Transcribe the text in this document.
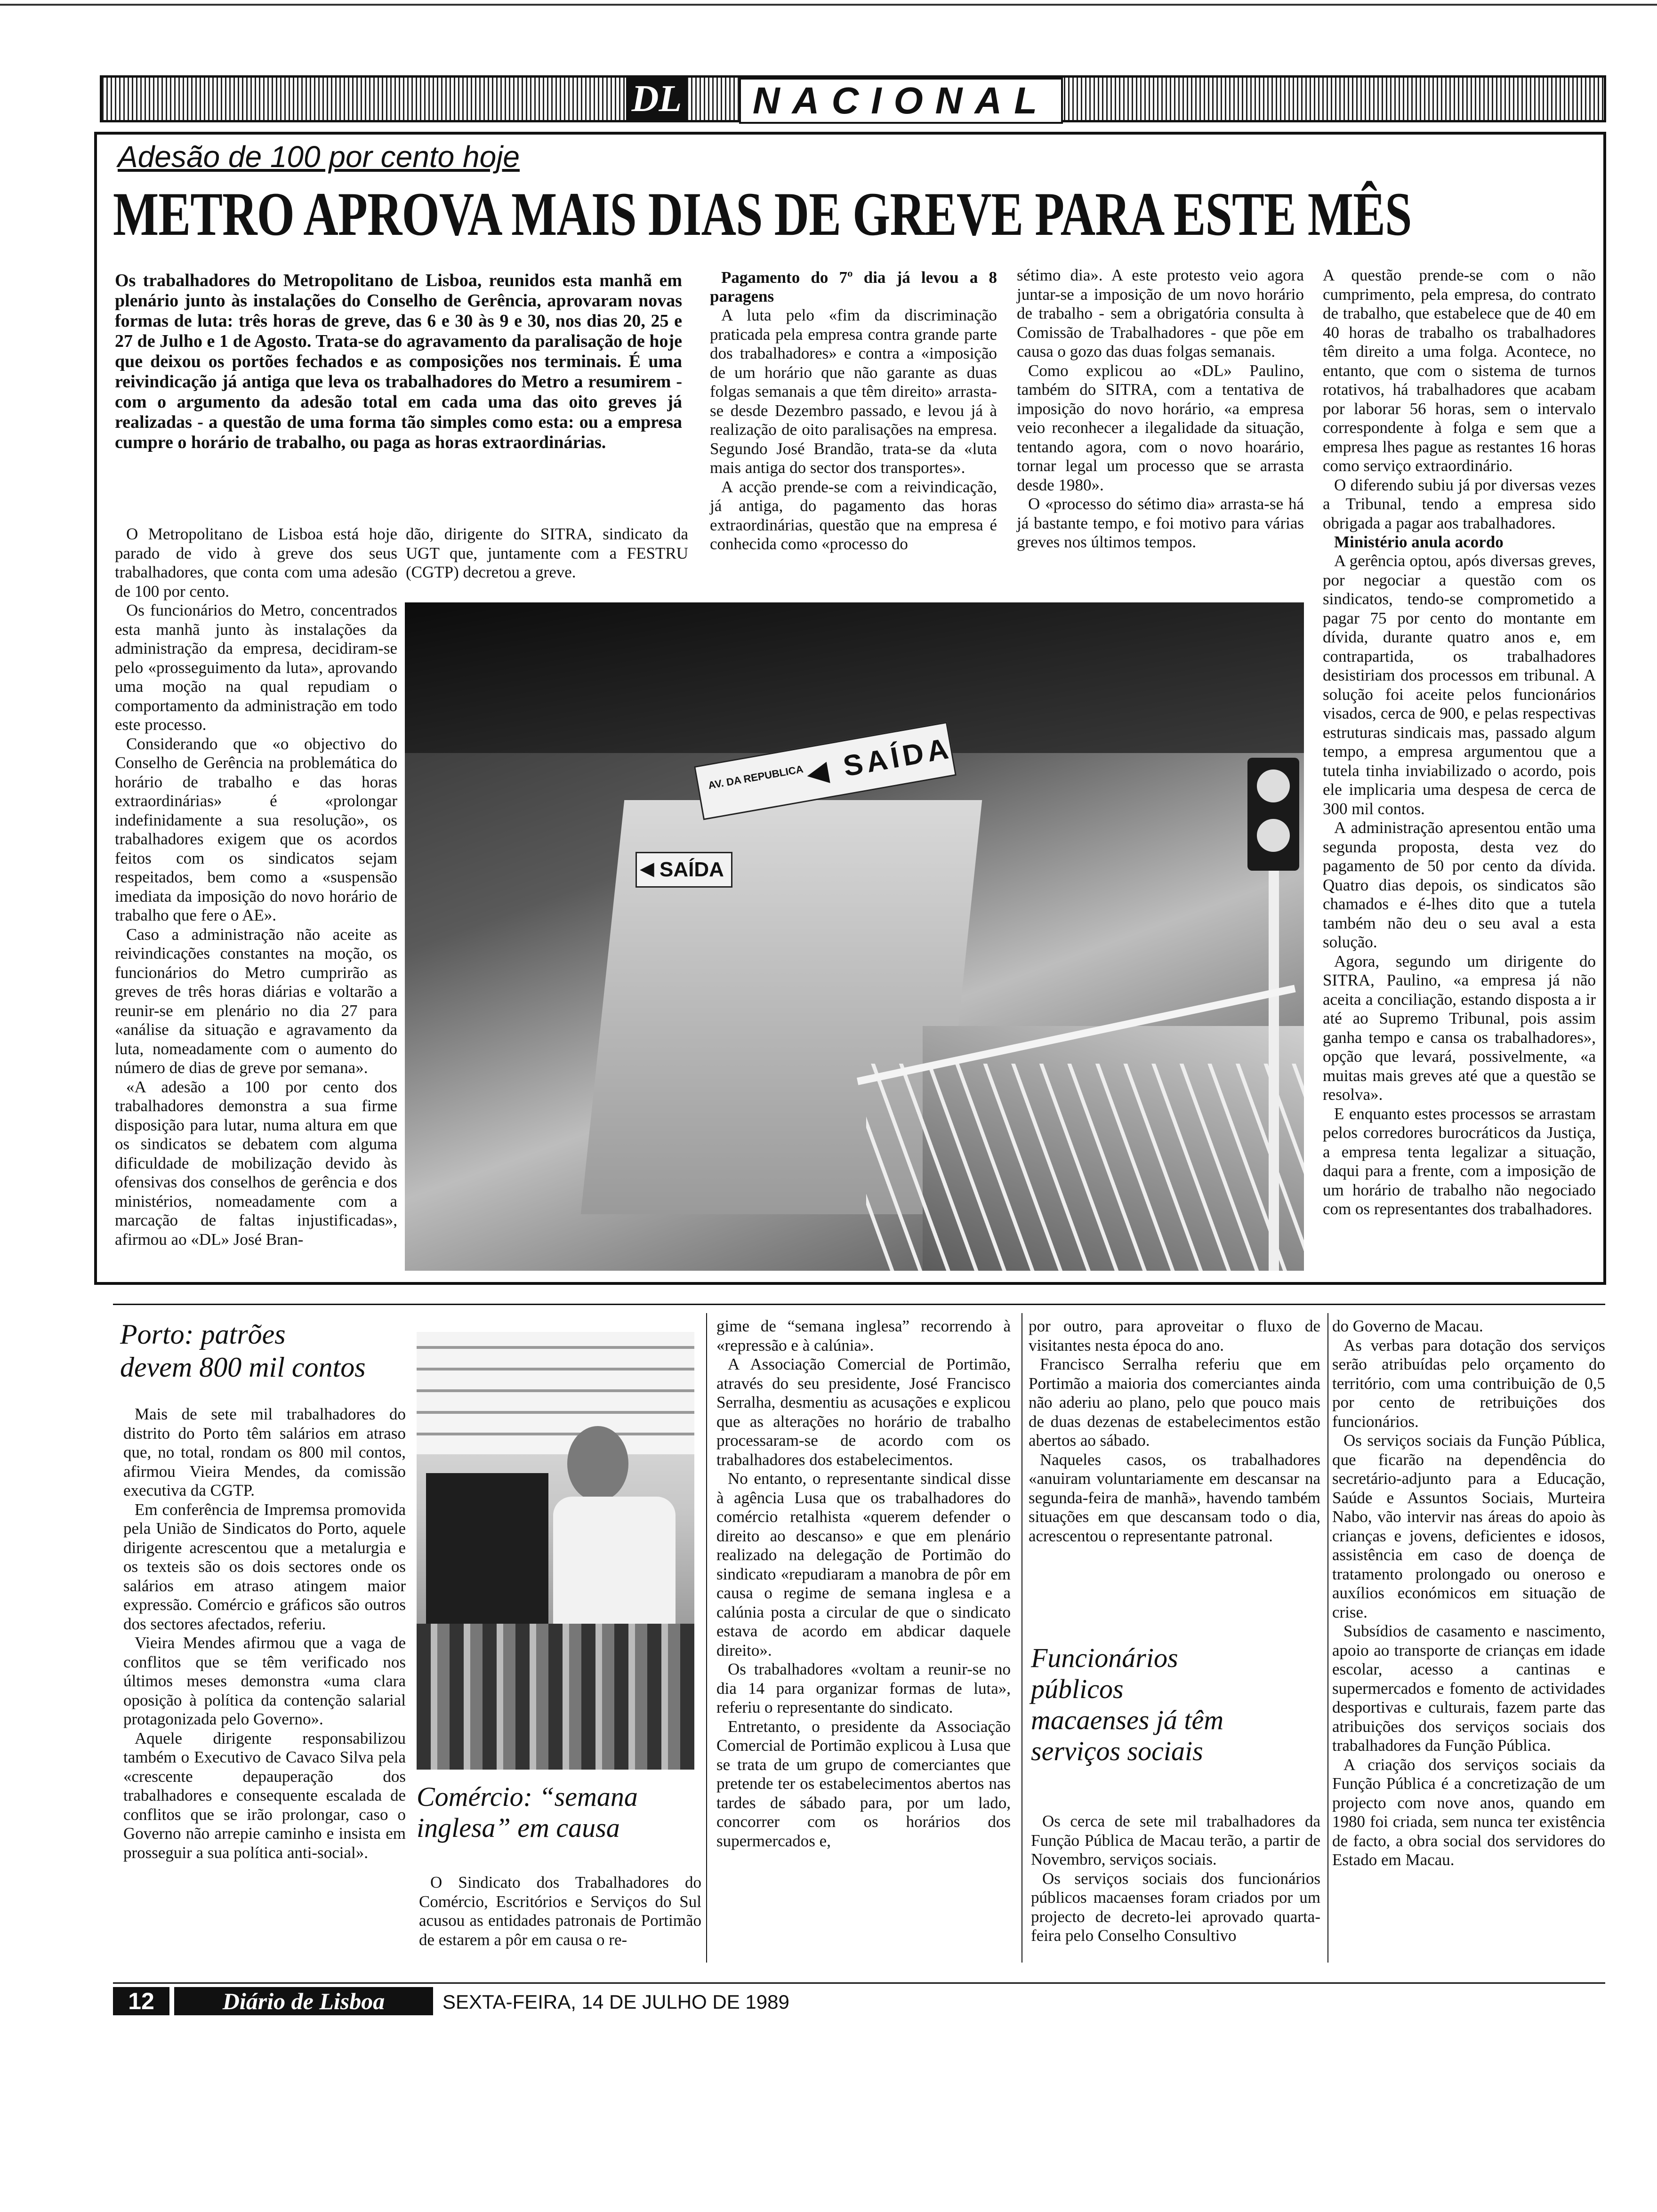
DL	NACIONAL
Adesão de 100 por cento hoje
METRO APROVA MAIS DIAS DE GREVE PARA ESTE MÊS

Os trabalhadores do Metropolitano de Lisboa, reunidos esta manhã em plenário junto às instalações do Conselho de Gerência, aprovaram novas formas de luta: três horas de greve, das 6 e 30 às 9 e 30, nos dias 20, 25 e 27 de Julho e 1 de Agosto. Trata-se do agravamento da paralisação de hoje que deixou os portões fechados e as composições nos terminais. É uma reivindicação já antiga que leva os trabalhadores do Metro a resumirem - com o argumento da adesão total em cada uma das oito greves já realizadas - a questão de uma forma tão simples como esta: ou a empresa cumpre o horário de trabalho, ou paga as horas extraordinárias.

O Metropolitano de Lisboa está hoje parado de vido à greve dos seus trabalhadores, que conta com uma adesão de 100 por cento.

Os funcionários do Metro, concentrados esta manhã junto às instalações da administração da empresa, decidiram-se pelo «prosseguimento da luta», aprovando uma moção na qual repudiam o comportamento da administração em todo este processo.

Considerando que «o objectivo do Conselho de Gerência na problemática do horário de trabalho e das horas extraordinárias» é «prolongar indefinidamente a sua resolução», os trabalhadores exigem que os acordos feitos com os sindicatos sejam respeitados, bem como a «suspensão imediata da imposição do novo horário de trabalho que fere o AE».

Caso a administração não aceite as reivindicações constantes na moção, os funcionários do Metro cumprirão as greves de três horas diárias e voltarão a reunir-se em plenário no dia 27 para «análise da situação e agravamento da luta, nomeadamente com o aumento do número de dias de greve por semana».

«A adesão a 100 por cento dos trabalhadores demonstra a sua firme disposição para lutar, numa altura em que os sindicatos se debatem com alguma dificuldade de mobilização devido às ofensivas dos conselhos de gerência e dos ministérios, nomeadamente com a marcação de faltas injustificadas», afirmou ao «DL» José Bran-

dão, dirigente do SITRA, sindicato da UGT que, juntamente com a FESTRU (CGTP) decretou a greve.

Pagamento do 7º dia já levou a 8 paragens

A luta pelo «fim da discriminação praticada pela empresa contra grande parte dos trabalhadores» e contra a «imposição de um horário que não garante as duas folgas semanais a que têm direito» arrasta-se desde Dezembro passado, e levou já à realização de oito paralisações na empresa. Segundo José Brandão, trata-se da «luta mais antiga do sector dos transportes».

A acção prende-se com a reivindicação, já antiga, do pagamento das horas extraordinárias, questão que na empresa é conhecida como «processo do

sétimo dia». A este protesto veio agora juntar-se a imposição de um novo horário de trabalho - sem a obrigatória consulta à Comissão de Trabalhadores - que põe em causa o gozo das duas folgas semanais.

Como explicou ao «DL» Paulino, também do SITRA, com a tentativa de imposição do novo horário, «a empresa veio reconhecer a ilegalidade da situação, tentando agora, com o novo hoarário, tornar legal um processo que se arrasta desde 1980».

O «processo do sétimo dia» arrasta-se há já bastante tempo, e foi motivo para várias greves nos últimos tempos.

A questão prende-se com o não cumprimento, pela empresa, do contrato de trabalho, que estabelece que de 40 em 40 horas de trabalho os trabalhadores têm direito a uma folga. Acontece, no entanto, que com o sistema de turnos rotativos, há trabalhadores que acabam por laborar 56 horas, sem o intervalo correspondente à folga e sem que a empresa lhes pague as restantes 16 horas como serviço extraordinário.

O diferendo subiu já por diversas vezes a Tribunal, tendo a empresa sido obrigada a pagar aos trabalhadores.

Ministério anula acordo

A gerência optou, após diversas greves, por negociar a questão com os sindicatos, tendo-se comprometido a pagar 75 por cento do montante em dívida, durante quatro anos e, em contrapartida, os trabalhadores desistiriam dos processos em tribunal. A solução foi aceite pelos funcionários visados, cerca de 900, e pelas respectivas estruturas sindicais mas, passado algum tempo, a empresa argumentou que a tutela tinha inviabilizado o acordo, pois ele implicaria uma despesa de cerca de 300 mil contos.

A administração apresentou então uma segunda proposta, desta vez do pagamento de 50 por cento da dívida. Quatro dias depois, os sindicatos são chamados e é-lhes dito que a tutela também não deu o seu aval a esta solução.

Agora, segundo um dirigente do SITRA, Paulino, «a empresa já não aceita a conciliação, estando disposta a ir até ao Supremo Tribunal, pois assim ganha tempo e cansa os trabalhadores», opção que levará, possivelmente, «a muitas mais greves até que a questão se resolva».

E enquanto estes processos se arrastam pelos corredores burocráticos da Justiça, a empresa tenta legalizar a situação, daqui para a frente, com a imposição de um horário de trabalho não negociado com os representantes dos trabalhadores.

AV. DA REPUBLICA ◀ SAÍDA
◀ SAÍDA
Porto: patrões
devem 800 mil contos

Mais de sete mil trabalhadores do distrito do Porto têm salários em atraso que, no total, rondam os 800 mil contos, afirmou Vieira Mendes, da comissão executiva da CGTP.

Em conferência de Impremsa promovida pela União de Sindicatos do Porto, aquele dirigente acrescentou que a metalurgia e os texteis são os dois sectores onde os salários em atraso atingem maior expressão. Comércio e gráficos são outros dos sectores afectados, referiu.

Vieira Mendes afirmou que a vaga de conflitos que se têm verificado nos últimos meses demonstra «uma clara oposição à política da contenção salarial protagonizada pelo Governo».

Aquele dirigente responsabilizou também o Executivo de Cavaco Silva pela «crescente depauperação dos trabalhadores e consequente escalada de conflitos que se irão prolongar, caso o Governo não arrepie caminho e insista em prosseguir a sua política anti-social».

Comércio: “semana
inglesa” em causa

O Sindicato dos Trabalhadores do Comércio, Escritórios e Serviços do Sul acusou as entidades patronais de Portimão de estarem a pôr em causa o re-

gime de “semana inglesa” recorrendo à «repressão e à calúnia».

A Associação Comercial de Portimão, através do seu presidente, José Francisco Serralha, desmentiu as acusações e explicou que as alterações no horário de trabalho processaram-se de acordo com os trabalhadores dos estabelecimentos.

No entanto, o representante sindical disse à agência Lusa que os trabalhadores do comércio retalhista «querem defender o direito ao descanso» e que em plenário realizado na delegação de Portimão do sindicato «repudiaram a manobra de pôr em causa o regime de semana inglesa e a calúnia posta a circular de que o sindicato estava de acordo em abdicar daquele direito».

Os trabalhadores «voltam a reunir-se no dia 14 para organizar formas de luta», referiu o representante do sindicato.

Entretanto, o presidente da Associação Comercial de Portimão explicou à Lusa que se trata de um grupo de comerciantes que pretende ter os estabelecimentos abertos nas tardes de sábado para, por um lado, concorrer com os horários dos supermercados e,

por outro, para aproveitar o fluxo de visitantes nesta época do ano.

Francisco Serralha referiu que em Portimão a maioria dos comerciantes ainda não aderiu ao plano, pelo que pouco mais de duas dezenas de estabelecimentos estão abertos ao sábado.

Naqueles casos, os trabalhadores «anuiram voluntariamente em descansar na segunda-feira de manhã», havendo também situações em que descansam todo o dia, acrescentou o representante patronal.

Funcionários
públicos
macaenses já têm
serviços sociais

Os cerca de sete mil trabalhadores da Função Pública de Macau terão, a partir de Novembro, serviços sociais.

Os serviços sociais dos funcionários públicos macaenses foram criados por um projecto de decreto-lei aprovado quarta-feira pelo Conselho Consultivo

do Governo de Macau.

As verbas para dotação dos serviços serão atribuídas pelo orçamento do território, com uma contribuição de 0,5 por cento de retribuições dos funcionários.

Os serviços sociais da Função Pública, que ficarão na dependência do secretário-adjunto para a Educação, Saúde e Assuntos Sociais, Murteira Nabo, vão intervir nas áreas do apoio às crianças e jovens, deficientes e idosos, assistência em caso de doença de tratamento prolongado ou oneroso e auxílios económicos em situação de crise.

Subsídios de casamento e nascimento, apoio ao transporte de crianças em idade escolar, acesso a cantinas e supermercados e fomento de actividades desportivas e culturais, fazem parte das atribuições dos serviços sociais dos trabalhadores da Função Pública.

A criação dos serviços sociais da Função Pública é a concretização de um projecto com nove anos, quando em 1980 foi criada, sem nunca ter existência de facto, a obra social dos servidores do Estado em Macau.

12	Diário de Lisboa	SEXTA-FEIRA, 14 DE JULHO DE 1989
